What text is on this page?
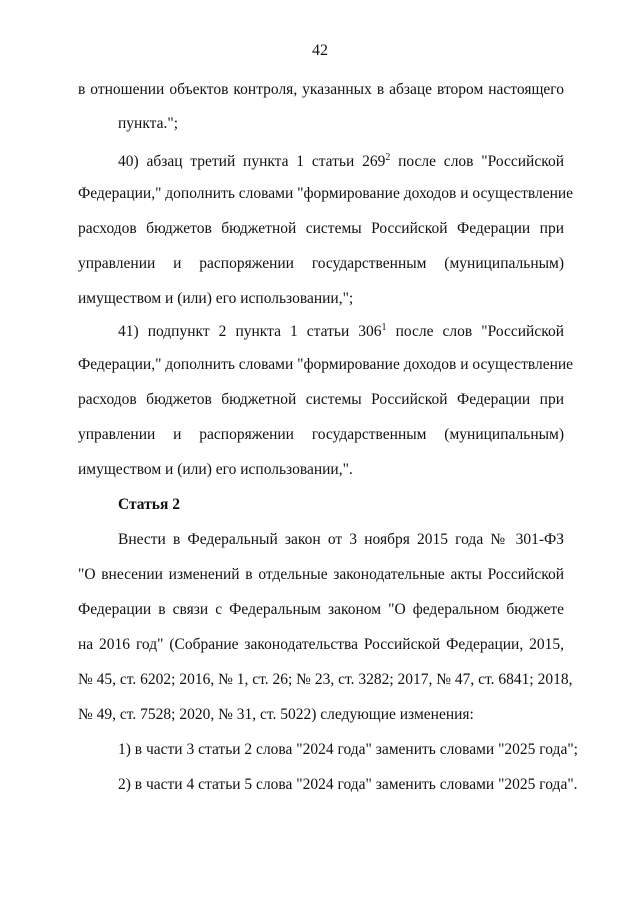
42
в отношении объектов контроля, указанных в абзаце втором настоящего
пункта.";
40) абзац третий пункта 1 статьи $269^2$ после слов "Российской
Федерации," дополнить словами "формирование доходов и осуществление
расходов бюджетов бюджетной системы Российской Федерации при
управлении и распоряжении государственным (муниципальным)
имуществом и (или) его использовании,";
41) подпункт 2 пункта 1 статьи $306^1$ после слов "Российской
Федерации," дополнить словами "формирование доходов и осуществление
расходов бюджетов бюджетной системы Российской Федерации при
управлении и распоряжении государственным (муниципальным)
имуществом и (или) его использовании,".
Статья 2
Внести в Федеральный закон от 3 ноября 2015 года № 301-ФЗ
"О внесении изменений в отдельные законодательные акты Российской
Федерации в связи с Федеральным законом "О федеральном бюджете
на 2016 год" (Собрание законодательства Российской Федерации, 2015,
№ 45, ст. 6202; 2016, № 1, ст. 26; № 23, ст. 3282; 2017, № 47, ст. 6841; 2018,
№ 49, ст. 7528; 2020, № 31, ст. 5022) следующие изменения:
1) в части 3 статьи 2 слова "2024 года" заменить словами "2025 года";
2) в части 4 статьи 5 слова "2024 года" заменить словами "2025 года".
